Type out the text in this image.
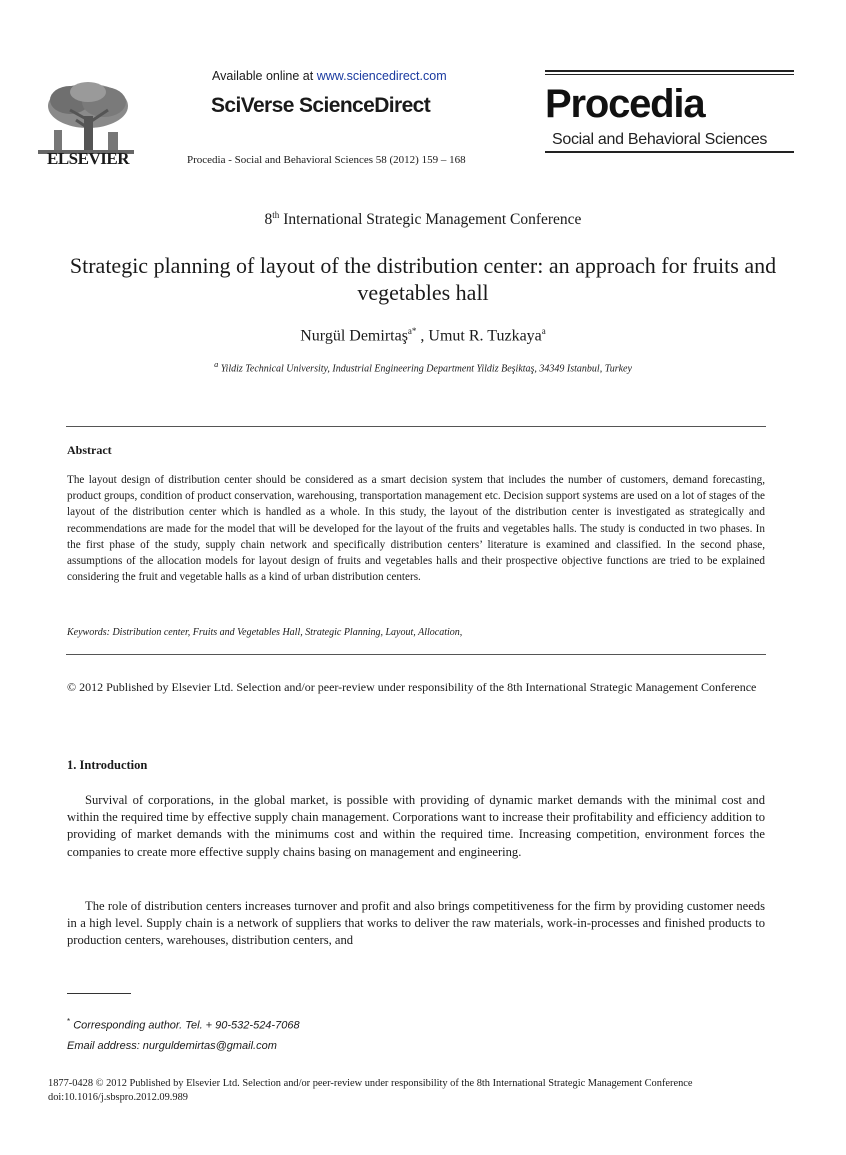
ELSEVIER
Available online at www.sciencedirect.com
SciVerse ScienceDirect
Procedia - Social and Behavioral Sciences 58 (2012) 159 – 168
Procedia
Social and Behavioral Sciences
8th International Strategic Management Conference
Strategic planning of layout of the distribution center: an approach for fruits and vegetables hall
Nurgül Demirtaş$^{a*}$ , Umut R. Tuzkaya$^a$
$^a$ Yildiz Technical University, Industrial Engineering Department Yildiz Beşiktaş, 34349 Istanbul, Turkey
Abstract
The layout design of distribution center should be considered as a smart decision system that includes the number of customers, demand forecasting, product groups, condition of product conservation, warehousing, transportation management etc. Decision support systems are used on a lot of stages of the layout of the distribution center which is handled as a whole. In this study, the layout of the distribution center is investigated as strategically and recommendations are made for the model that will be developed for the layout of the fruits and vegetables halls. The study is conducted in two phases. In the first phase of the study, supply chain network and specifically distribution centers’ literature is examined and classified. In the second phase, assumptions of the allocation models for layout design of fruits and vegetables halls and their prospective objective functions are tried to be explained considering the fruit and vegetable halls as a kind of urban distribution centers.
Keywords: Distribution center, Fruits and Vegetables Hall, Strategic Planning, Layout, Allocation,
© 2012 Published by Elsevier Ltd. Selection and/or peer-review under responsibility of the 8th International Strategic Management Conference
1. Introduction
Survival of corporations, in the global market, is possible with providing of dynamic market demands with the minimal cost and within the required time by effective supply chain management. Corporations want to increase their profitability and efficiency addition to providing of market demands with the minimums cost and within the required time. Increasing competition, environment forces the companies to create more effective supply chains basing on management and engineering.
The role of distribution centers increases turnover and profit and also brings competitiveness for the firm by providing customer needs in a high level. Supply chain is a network of suppliers that works to deliver the raw materials, work-in-processes and finished products to production centers, warehouses, distribution centers, and
* Corresponding author. Tel. + 90-532-524-7068
Email address: nurguldemirtas@gmail.com
1877-0428 © 2012 Published by Elsevier Ltd. Selection and/or peer-review under responsibility of the 8th International Strategic Management Conference
doi:10.1016/j.sbspro.2012.09.989
